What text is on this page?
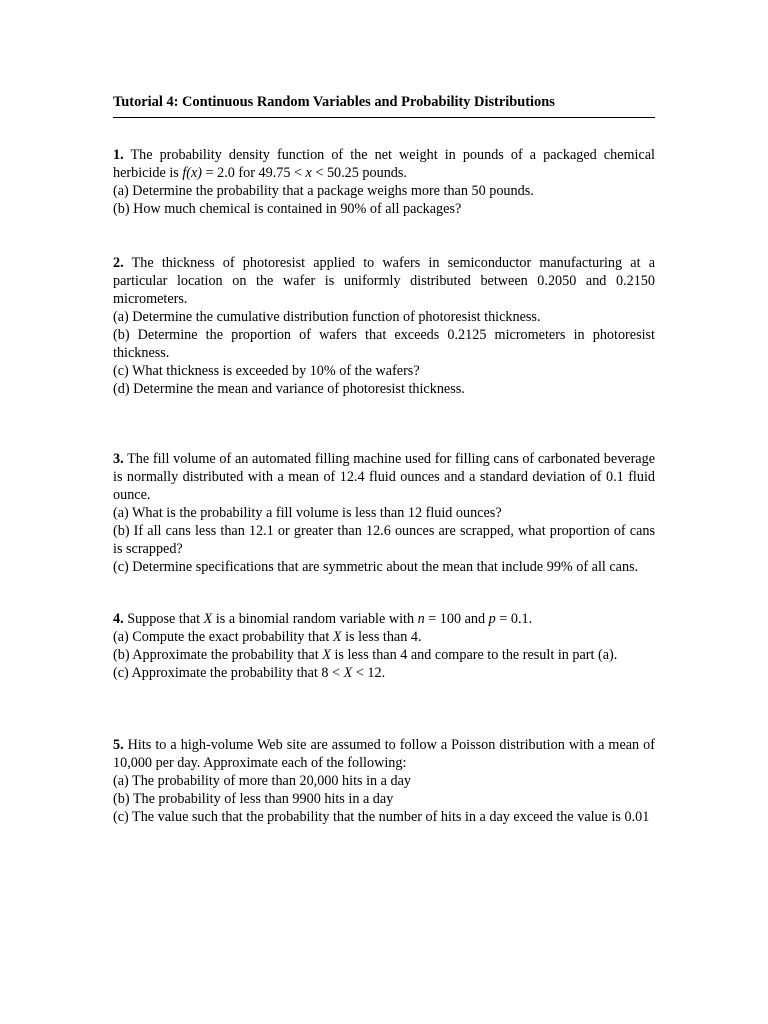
Tutorial 4: Continuous Random Variables and Probability Distributions

1. The probability density function of the net weight in pounds of a packaged chemical herbicide is f(x) = 2.0 for 49.75 < x < 50.25 pounds.

(a) Determine the probability that a package weighs more than 50 pounds.

(b) How much chemical is contained in 90% of all packages?

2. The thickness of photoresist applied to wafers in semiconductor manufacturing at a particular location on the wafer is uniformly distributed between 0.2050 and 0.2150 micrometers.

(a) Determine the cumulative distribution function of photoresist thickness.

(b) Determine the proportion of wafers that exceeds 0.2125 micrometers in photoresist thickness.

(c) What thickness is exceeded by 10% of the wafers?

(d) Determine the mean and variance of photoresist thickness.

3. The fill volume of an automated filling machine used for filling cans of carbonated beverage is normally distributed with a mean of 12.4 fluid ounces and a standard deviation of 0.1 fluid ounce.

(a) What is the probability a fill volume is less than 12 fluid ounces?

(b) If all cans less than 12.1 or greater than 12.6 ounces are scrapped, what proportion of cans is scrapped?

(c) Determine specifications that are symmetric about the mean that include 99% of all cans.

4. Suppose that X is a binomial random variable with n = 100 and p = 0.1.

(a) Compute the exact probability that X is less than 4.

(b) Approximate the probability that X is less than 4 and compare to the result in part (a).

(c) Approximate the probability that 8 < X < 12.

5. Hits to a high-volume Web site are assumed to follow a Poisson distribution with a mean of 10,000 per day. Approximate each of the following:

(a) The probability of more than 20,000 hits in a day

(b) The probability of less than 9900 hits in a day

(c) The value such that the probability that the number of hits in a day exceed the value is 0.01
